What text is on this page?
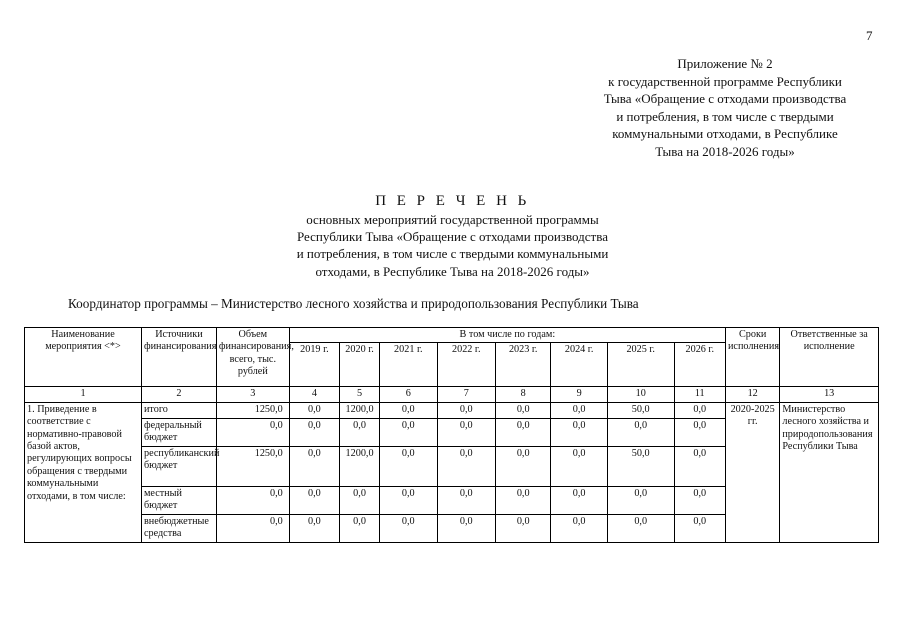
7
Приложение № 2
к государственной программе Республики
Тыва «Обращение с отходами производства
и потребления, в том числе с твердыми
коммунальными отходами, в Республике
Тыва на 2018-2026 годы»
П Е Р Е Ч Е Н Ь
основных мероприятий государственной программы
Республики Тыва «Обращение с отходами производства
и потребления, в том числе с твердыми коммунальными
отходами, в Республике Тыва на 2018-2026 годы»
Координатор программы – Министерство лесного хозяйства и природопользования Республики Тыва
Наименование мероприятия <*>	Источники финансирования	Объем финансирования, всего, тыс. рублей	В том числе по годам:								Сроки исполнения	Ответственные за исполнение
			2019 г.	2020 г.	2021 г.	2022 г.	2023 г.	2024 г.	2025 г.	2026 г.		
1	2	3	4	5	6	7	8	9	10	11	12	13
1. Приведение в соответствие с нормативно-правовой базой актов, регулирующих вопросы обращения с твердыми коммунальными отходами, в том числе:	итого	1250,0	0,0	1200,0	0,0	0,0	0,0	0,0	50,0	0,0	2020-2025 гг.	Министерство лесного хозяйства и природопользования Республики Тыва
	федеральный бюджет	0,0	0,0	0,0	0,0	0,0	0,0	0,0	0,0	0,0		
	республиканский бюджет	1250,0	0,0	1200,0	0,0	0,0	0,0	0,0	50,0	0,0		
	местный бюджет	0,0	0,0	0,0	0,0	0,0	0,0	0,0	0,0	0,0		
	внебюджетные средства	0,0	0,0	0,0	0,0	0,0	0,0	0,0	0,0	0,0		
